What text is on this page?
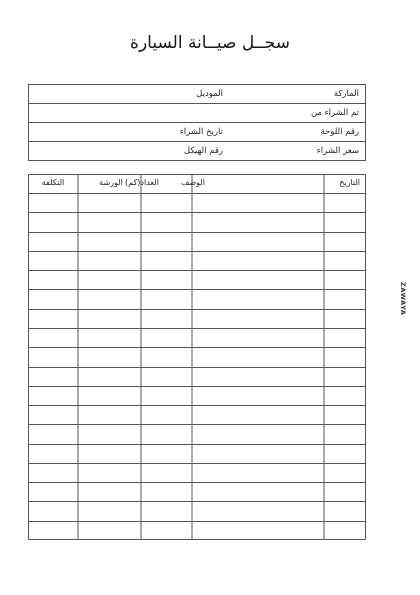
سجــل صيــانة السيارة
الماركة
الموديل
تم الشراء من
رقم اللوحة
تاريخ الشراء
سعر الشراء
رقم الهيكل
التاريخ
الوصف
العداد(كم)
الورشة
التكلفة
ZAWAYA
